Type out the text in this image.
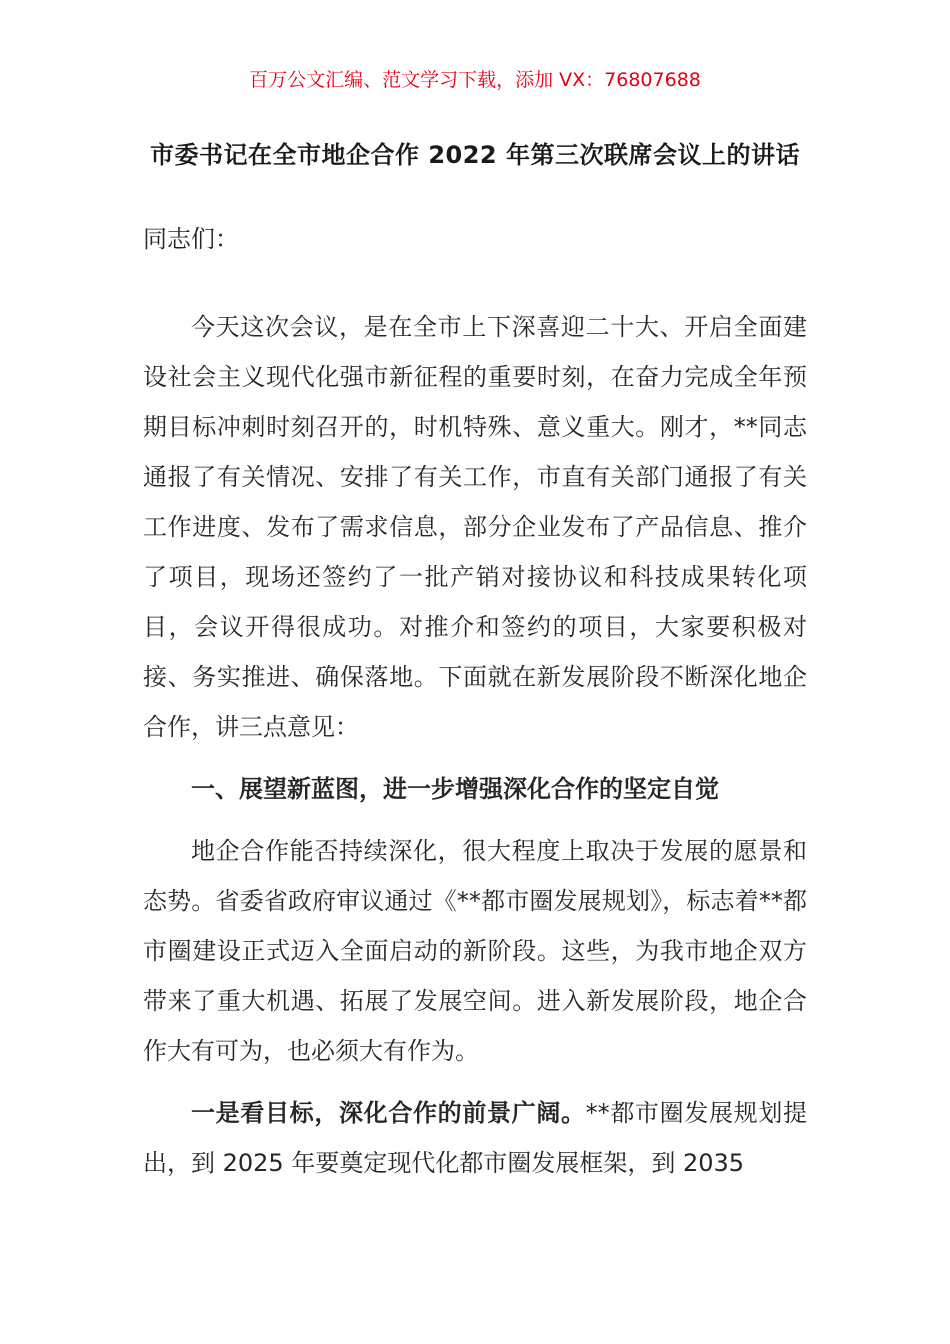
百万公文汇编、范文学习下载，添加 VX：76807688
市委书记在全市地企合作 2022 年第三次联席会议上的讲话

同志们：

今天这次会议，是在全市上下深喜迎二十大、开启全面建设社会主义现代化强市新征程的重要时刻，在奋力完成全年预期目标冲刺时刻召开的，时机特殊、意义重大。刚才，**同志通报了有关情况、安排了有关工作，市直有关部门通报了有关工作进度、发布了需求信息，部分企业发布了产品信息、推介了项目，现场还签约了一批产销对接协议和科技成果转化项目，会议开得很成功。对推介和签约的项目，大家要积极对接、务实推进、确保落地。下面就在新发展阶段不断深化地企合作，讲三点意见：

一、展望新蓝图，进一步增强深化合作的坚定自觉

地企合作能否持续深化，很大程度上取决于发展的愿景和态势。省委省政府审议通过《**都市圈发展规划》，标志着**都市圈建设正式迈入全面启动的新阶段。这些，为我市地企双方带来了重大机遇、拓展了发展空间。进入新发展阶段，地企合作大有可为，也必须大有作为。

一是看目标，深化合作的前景广阔。**都市圈发展规划提出，到 2025 年要奠定现代化都市圈发展框架，到 2035
